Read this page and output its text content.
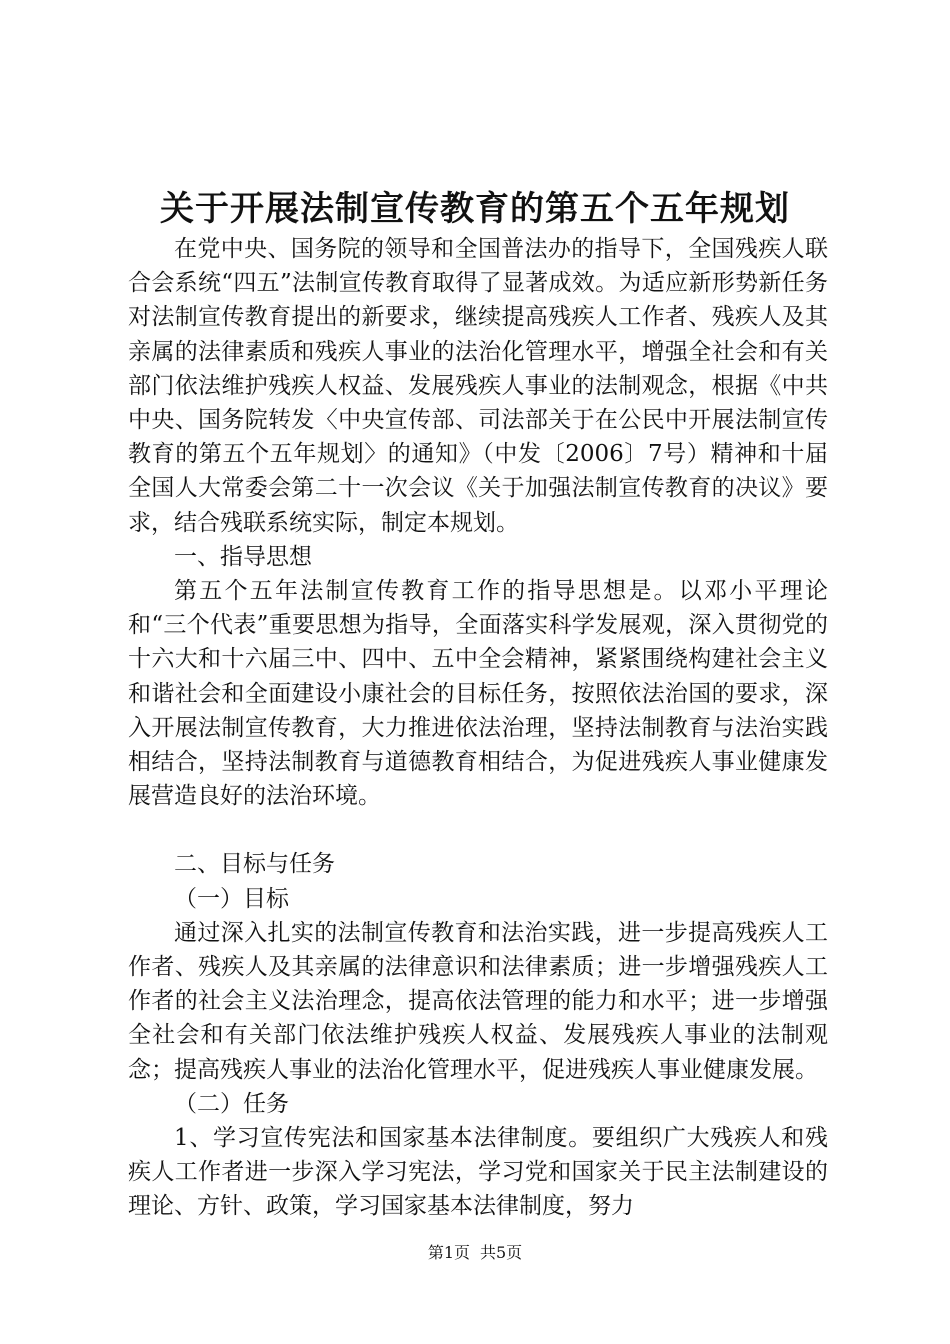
关于开展法制宣传教育的第五个五年规划

在党中央、国务院的领导和全国普法办的指导下，全国残疾人联合会系统“四五”法制宣传教育取得了显著成效。为适应新形势新任务对法制宣传教育提出的新要求，继续提高残疾人工作者、残疾人及其亲属的法律素质和残疾人事业的法治化管理水平，增强全社会和有关部门依法维护残疾人权益、发展残疾人事业的法制观念，根据《中共中央、国务院转发〈中央宣传部、司法部关于在公民中开展法制宣传教育的第五个五年规划〉的通知》（中发〔2006〕7号）精神和十届全国人大常委会第二十一次会议《关于加强法制宣传教育的决议》要求，结合残联系统实际，制定本规划。

一、指导思想

第五个五年法制宣传教育工作的指导思想是。以邓小平理论和“三个代表”重要思想为指导，全面落实科学发展观，深入贯彻党的十六大和十六届三中、四中、五中全会精神，紧紧围绕构建社会主义和谐社会和全面建设小康社会的目标任务，按照依法治国的要求，深入开展法制宣传教育，大力推进依法治理，坚持法制教育与法治实践相结合，坚持法制教育与道德教育相结合，为促进残疾人事业健康发展营造良好的法治环境。

二、目标与任务

（一）目标

通过深入扎实的法制宣传教育和法治实践，进一步提高残疾人工作者、残疾人及其亲属的法律意识和法律素质；进一步增强残疾人工作者的社会主义法治理念，提高依法管理的能力和水平；进一步增强全社会和有关部门依法维护残疾人权益、发展残疾人事业的法制观念；提高残疾人事业的法治化管理水平，促进残疾人事业健康发展。

（二）任务

1、学习宣传宪法和国家基本法律制度。要组织广大残疾人和残疾人工作者进一步深入学习宪法，学习党和国家关于民主法制建设的理论、方针、政策，学习国家基本法律制度，努力

第1页 共5页
